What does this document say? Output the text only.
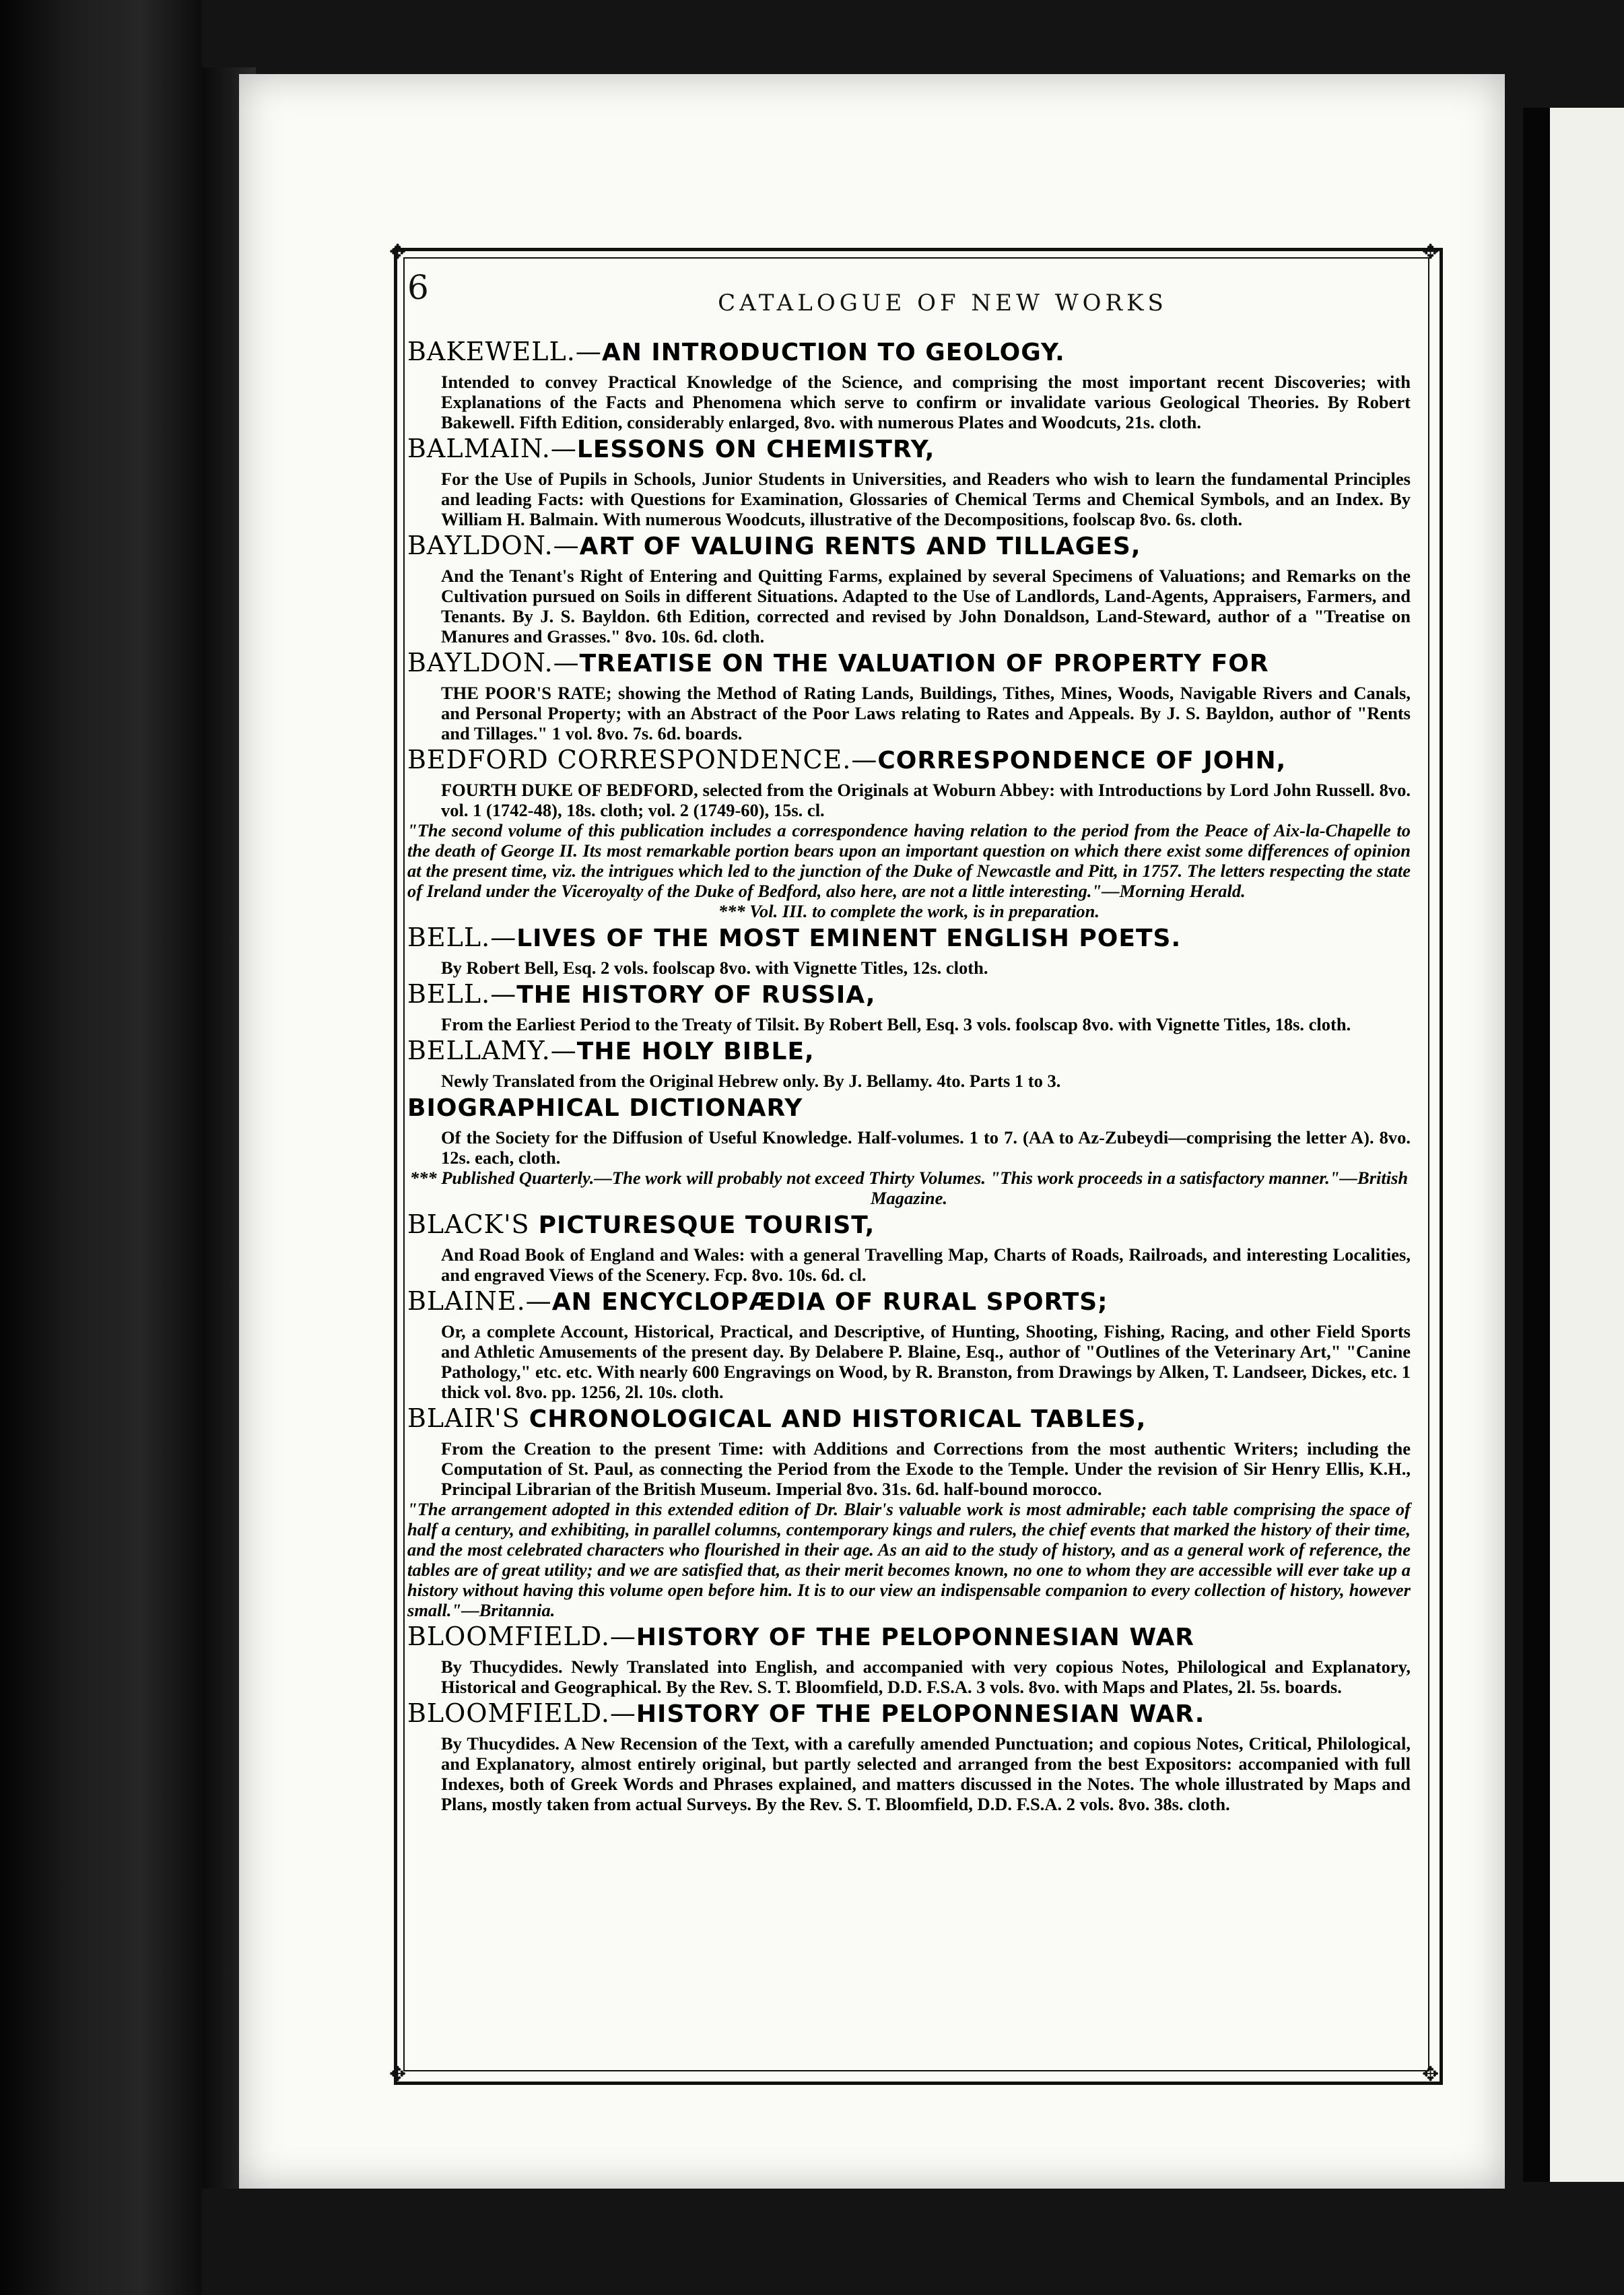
✥	✥
✥	✥
6	CATALOGUE OF NEW WORKS
BAKEWELL.—AN INTRODUCTION TO GEOLOGY.
Intended to convey Practical Knowledge of the Science, and comprising the most important recent Discoveries; with Explanations of the Facts and Phenomena which serve to confirm or invalidate various Geological Theories. By Robert Bakewell. Fifth Edition, considerably enlarged, 8vo. with numerous Plates and Woodcuts, 21s. cloth.
BALMAIN.—LESSONS ON CHEMISTRY,
For the Use of Pupils in Schools, Junior Students in Universities, and Readers who wish to learn the fundamental Principles and leading Facts: with Questions for Examination, Glossaries of Chemical Terms and Chemical Symbols, and an Index. By William H. Balmain. With numerous Woodcuts, illustrative of the Decompositions, foolscap 8vo. 6s. cloth.
BAYLDON.—ART OF VALUING RENTS AND TILLAGES,
And the Tenant's Right of Entering and Quitting Farms, explained by several Specimens of Valuations; and Remarks on the Cultivation pursued on Soils in different Situations. Adapted to the Use of Landlords, Land-Agents, Appraisers, Farmers, and Tenants. By J. S. Bayldon. 6th Edition, corrected and revised by John Donaldson, Land-Steward, author of a "Treatise on Manures and Grasses." 8vo. 10s. 6d. cloth.
BAYLDON.—TREATISE ON THE VALUATION OF PROPERTY FOR
THE POOR'S RATE; showing the Method of Rating Lands, Buildings, Tithes, Mines, Woods, Navigable Rivers and Canals, and Personal Property; with an Abstract of the Poor Laws relating to Rates and Appeals. By J. S. Bayldon, author of "Rents and Tillages." 1 vol. 8vo. 7s. 6d. boards.
BEDFORD CORRESPONDENCE.—CORRESPONDENCE OF JOHN,
FOURTH DUKE OF BEDFORD, selected from the Originals at Woburn Abbey: with Introductions by Lord John Russell. 8vo. vol. 1 (1742-48), 18s. cloth; vol. 2 (1749-60), 15s. cl.
"The second volume of this publication includes a correspondence having relation to the period from the Peace of Aix-la-Chapelle to the death of George II. Its most remarkable portion bears upon an important question on which there exist some differences of opinion at the present time, viz. the intrigues which led to the junction of the Duke of Newcastle and Pitt, in 1757. The letters respecting the state of Ireland under the Viceroyalty of the Duke of Bedford, also here, are not a little interesting."—Morning Herald.
*** Vol. III. to complete the work, is in preparation.
BELL.—LIVES OF THE MOST EMINENT ENGLISH POETS.
By Robert Bell, Esq. 2 vols. foolscap 8vo. with Vignette Titles, 12s. cloth.
BELL.—THE HISTORY OF RUSSIA,
From the Earliest Period to the Treaty of Tilsit. By Robert Bell, Esq. 3 vols. foolscap 8vo. with Vignette Titles, 18s. cloth.
BELLAMY.—THE HOLY BIBLE,
Newly Translated from the Original Hebrew only. By J. Bellamy. 4to. Parts 1 to 3.
BIOGRAPHICAL DICTIONARY
Of the Society for the Diffusion of Useful Knowledge. Half-volumes. 1 to 7. (AA to Az-Zubeydi—comprising the letter A). 8vo. 12s. each, cloth.
*** Published Quarterly.—The work will probably not exceed Thirty Volumes. "This work proceeds in a satisfactory manner."—British Magazine.
BLACK'S PICTURESQUE TOURIST,
And Road Book of England and Wales: with a general Travelling Map, Charts of Roads, Railroads, and interesting Localities, and engraved Views of the Scenery. Fcp. 8vo. 10s. 6d. cl.
BLAINE.—AN ENCYCLOPÆDIA OF RURAL SPORTS;
Or, a complete Account, Historical, Practical, and Descriptive, of Hunting, Shooting, Fishing, Racing, and other Field Sports and Athletic Amusements of the present day. By Delabere P. Blaine, Esq., author of "Outlines of the Veterinary Art," "Canine Pathology," etc. etc. With nearly 600 Engravings on Wood, by R. Branston, from Drawings by Alken, T. Landseer, Dickes, etc. 1 thick vol. 8vo. pp. 1256, 2l. 10s. cloth.
BLAIR'S CHRONOLOGICAL AND HISTORICAL TABLES,
From the Creation to the present Time: with Additions and Corrections from the most authentic Writers; including the Computation of St. Paul, as connecting the Period from the Exode to the Temple. Under the revision of Sir Henry Ellis, K.H., Principal Librarian of the British Museum. Imperial 8vo. 31s. 6d. half-bound morocco.
"The arrangement adopted in this extended edition of Dr. Blair's valuable work is most admirable; each table comprising the space of half a century, and exhibiting, in parallel columns, contemporary kings and rulers, the chief events that marked the history of their time, and the most celebrated characters who flourished in their age. As an aid to the study of history, and as a general work of reference, the tables are of great utility; and we are satisfied that, as their merit becomes known, no one to whom they are accessible will ever take up a history without having this volume open before him. It is to our view an indispensable companion to every collection of history, however small."—Britannia.
BLOOMFIELD.—HISTORY OF THE PELOPONNESIAN WAR
By Thucydides. Newly Translated into English, and accompanied with very copious Notes, Philological and Explanatory, Historical and Geographical. By the Rev. S. T. Bloomfield, D.D. F.S.A. 3 vols. 8vo. with Maps and Plates, 2l. 5s. boards.
BLOOMFIELD.—HISTORY OF THE PELOPONNESIAN WAR.
By Thucydides. A New Recension of the Text, with a carefully amended Punctuation; and copious Notes, Critical, Philological, and Explanatory, almost entirely original, but partly selected and arranged from the best Expositors: accompanied with full Indexes, both of Greek Words and Phrases explained, and matters discussed in the Notes. The whole illustrated by Maps and Plans, mostly taken from actual Surveys. By the Rev. S. T. Bloomfield, D.D. F.S.A. 2 vols. 8vo. 38s. cloth.
